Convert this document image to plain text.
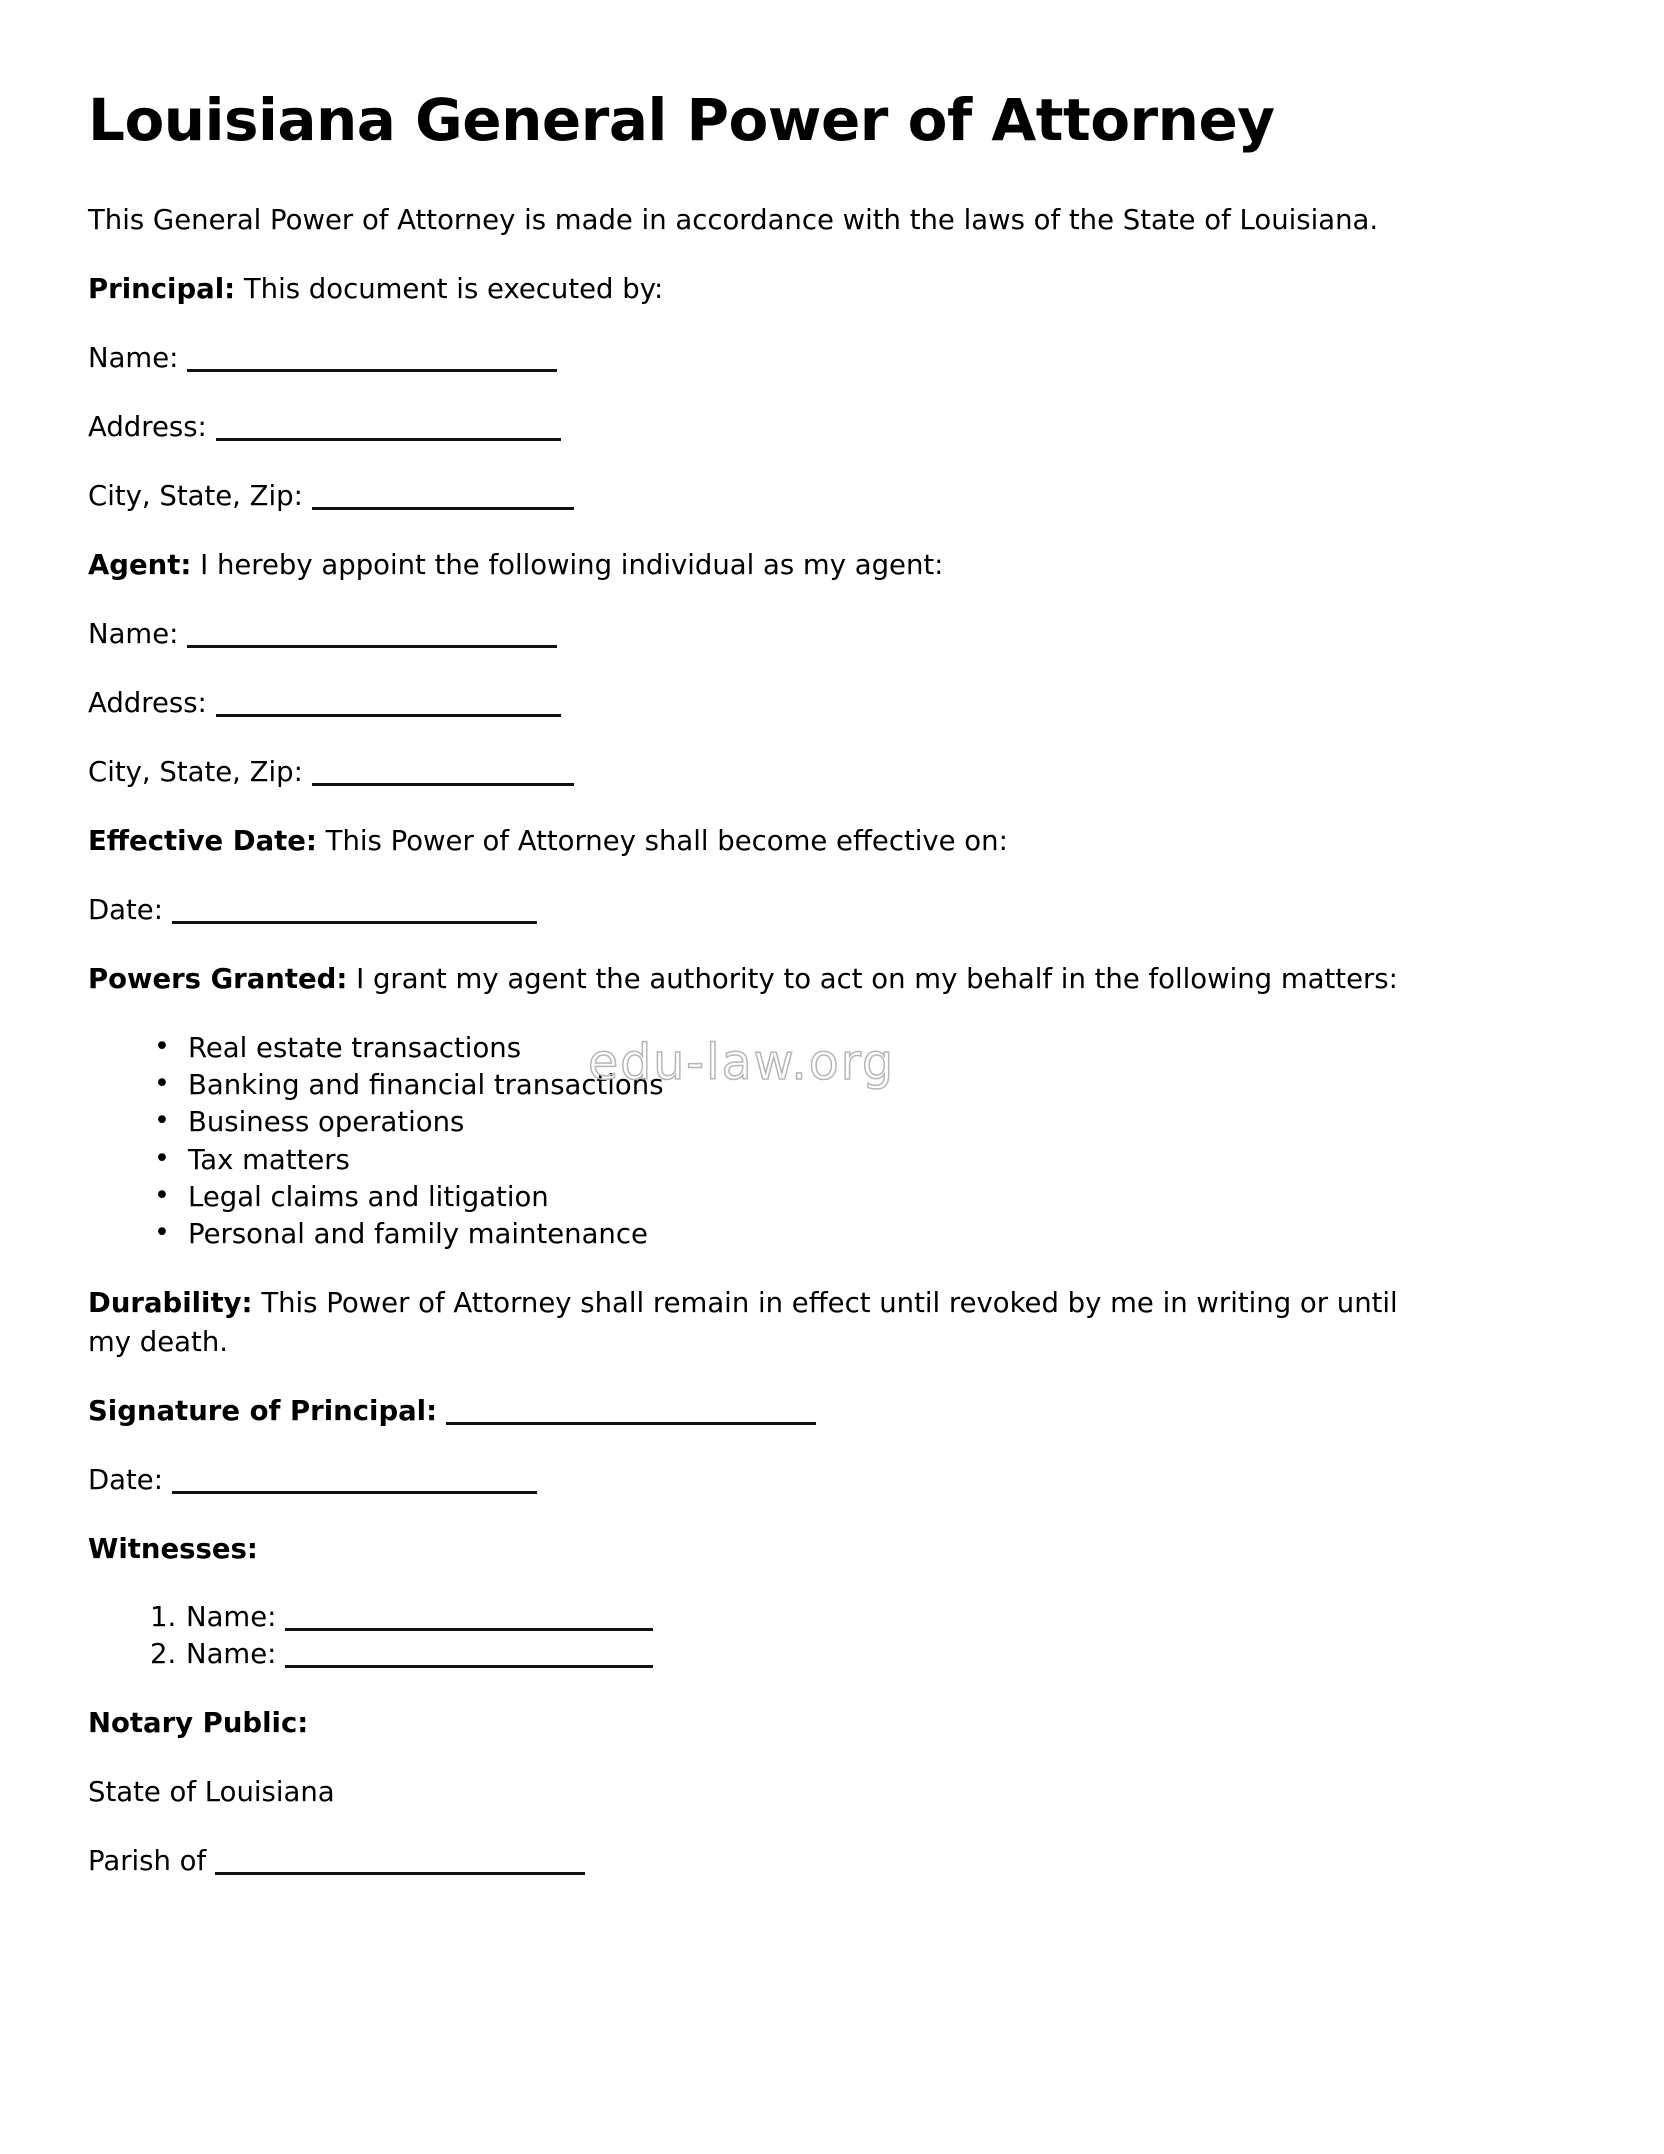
Louisiana General Power of Attorney

This General Power of Attorney is made in accordance with the laws of the State of Louisiana.

Principal: This document is executed by:

Name:

Address:

City, State, Zip:

Agent: I hereby appoint the following individual as my agent:

Name:

Address:

City, State, Zip:

Effective Date: This Power of Attorney shall become effective on:

Date:

Powers Granted: I grant my agent the authority to act on my behalf in the following matters:

• Real estate transactions
• Banking and financial transactions
• Business operations
• Tax matters
• Legal claims and litigation
• Personal and family maintenance

Durability: This Power of Attorney shall remain in effect until revoked by me in writing or until my death.

Signature of Principal:

Date:

Witnesses:

Name:
Name:

Notary Public:

State of Louisiana

Parish of

edu-law.org
